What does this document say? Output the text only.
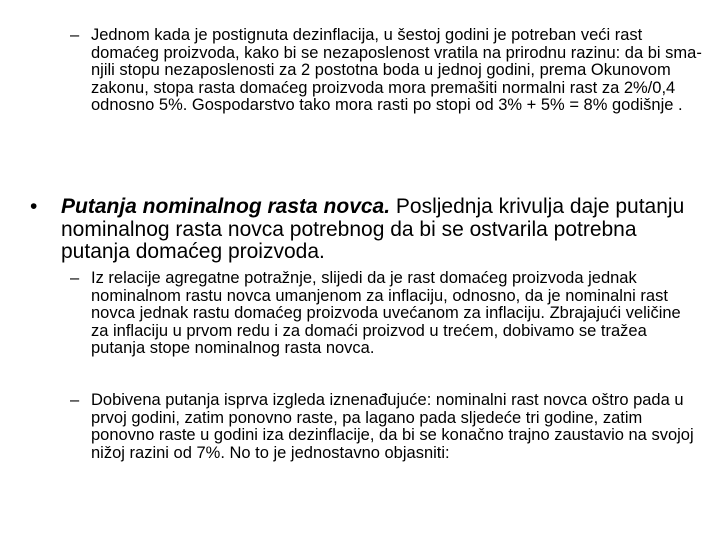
– Jednom kada je postignuta dezinflacija, u šestoj godini je potreban veći rast domaćeg proizvoda, kako bi se nezaposlenost vratila na prirodnu razinu: da bi sma-njili stopu nezaposlenosti za 2 postotna boda u jednoj godini, prema Okunovom zakonu, stopa rasta domaćeg proizvoda mora premašiti normalni rast za 2%/0,4 odnosno 5%. Gospodarstvo tako mora rasti po stopi od 3% + 5% = 8% godišnje .
• Putanja nominalnog rasta novca. Posljednja krivulja daje putanju nominalnog rasta novca potrebnog da bi se ostvarila potrebna putanja domaćeg proizvoda.
– Iz relacije agregatne potražnje, slijedi da je rast domaćeg proizvoda jednak nominalnom rastu novca umanjenom za inflaciju, odnosno, da je nominalni rast novca jednak rastu domaćeg proizvoda uvećanom za inflaciju. Zbrajajući veličine za inflaciju u prvom redu i za domaći proizvod u trećem, dobivamo se tražea putanja stope nominalnog rasta novca.
– Dobivena putanja isprva izgleda iznenađujuće: nominalni rast novca oštro pada u prvoj godini, zatim ponovno raste, pa lagano pada sljedeće tri godine, zatim ponovno raste u godini iza dezinflacije, da bi se konačno trajno zaustavio na svojoj nižoj razini od 7%. No to je jednostavno objasniti:
